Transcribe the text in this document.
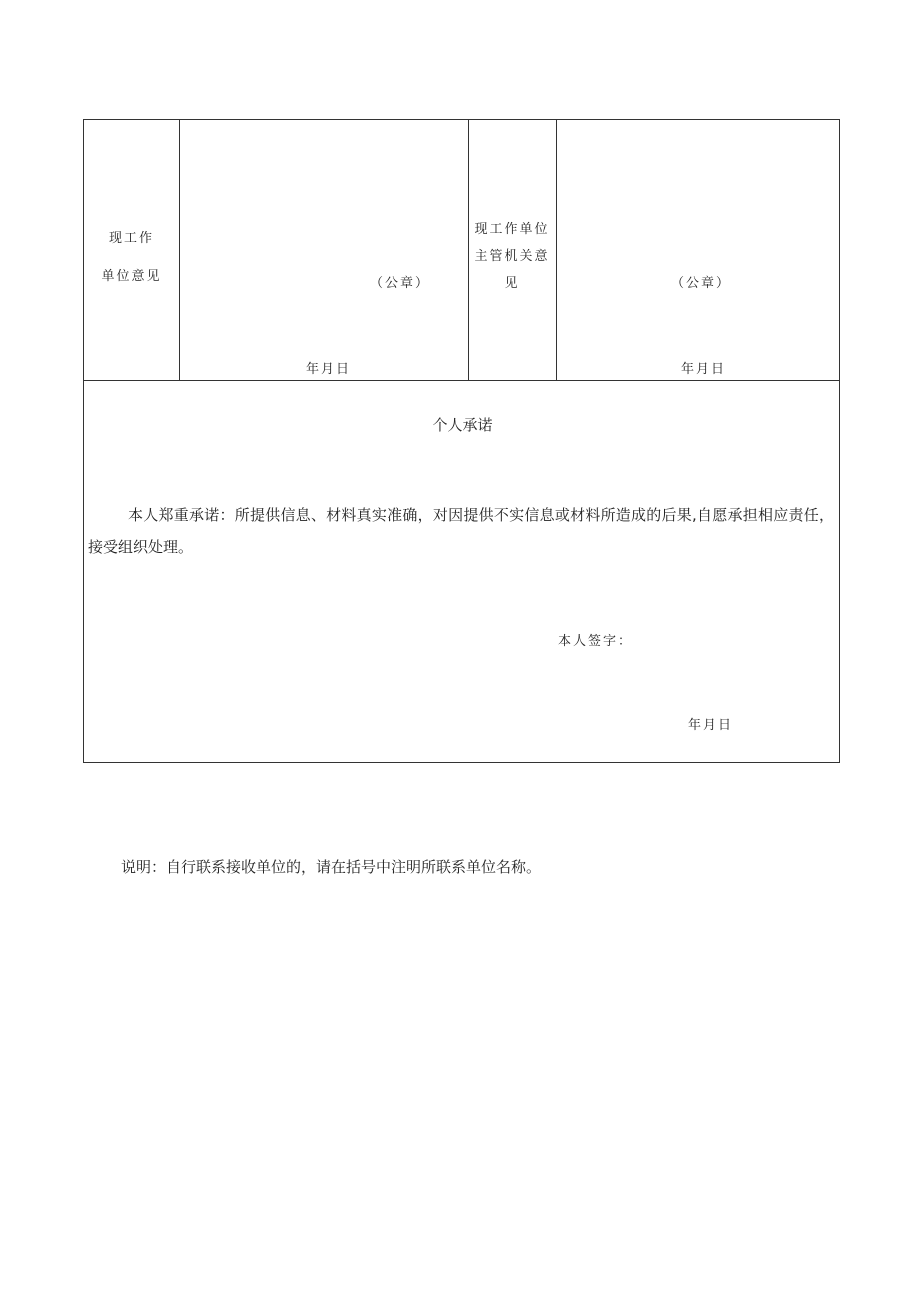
现工作
单位意见	（公章）
年月日
现工作单位
主管机关意
见	（公章）
年月日
个人承诺
本人郑重承诺：所提供信息、材料真实准确，对因提供不实信息或材料所造成的后果,自愿承担相应责任，接受组织处理。
本人签字：
年月日
说明：自行联系接收单位的，请在括号中注明所联系单位名称。
